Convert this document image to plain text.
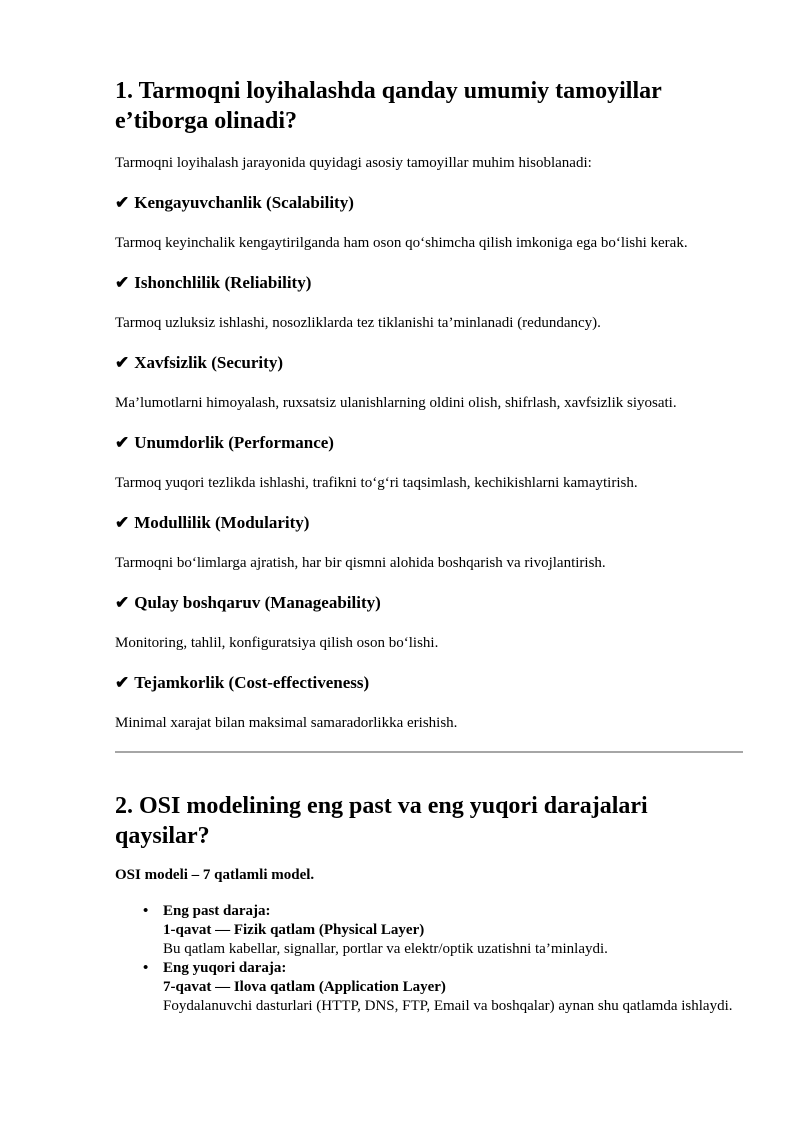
1. Tarmoqni loyihalashda qanday umumiy tamoyillar e’tiborga olinadi?

Tarmoqni loyihalash jarayonida quyidagi asosiy tamoyillar muhim hisoblanadi:

✔ Kengayuvchanlik (Scalability)

Tarmoq keyinchalik kengaytirilganda ham oson qo‘shimcha qilish imkoniga ega bo‘lishi kerak.

✔ Ishonchlilik (Reliability)

Tarmoq uzluksiz ishlashi, nosozliklarda tez tiklanishi ta’minlanadi (redundancy).

✔ Xavfsizlik (Security)

Ma’lumotlarni himoyalash, ruxsatsiz ulanishlarning oldini olish, shifrlash, xavfsizlik siyosati.

✔ Unumdorlik (Performance)

Tarmoq yuqori tezlikda ishlashi, trafikni to‘g‘ri taqsimlash, kechikishlarni kamaytirish.

✔ Modullilik (Modularity)

Tarmoqni bo‘limlarga ajratish, har bir qismni alohida boshqarish va rivojlantirish.

✔ Qulay boshqaruv (Manageability)

Monitoring, tahlil, konfiguratsiya qilish oson bo‘lishi.

✔ Tejamkorlik (Cost-effectiveness)

Minimal xarajat bilan maksimal samaradorlikka erishish.

2. OSI modelining eng past va eng yuqori darajalari qaysilar?

OSI modeli – 7 qatlamli model.

• Eng past daraja:
1-qavat — Fizik qatlam (Physical Layer)
Bu qatlam kabellar, signallar, portlar va elektr/optik uzatishni ta’minlaydi.
• Eng yuqori daraja:
7-qavat — Ilova qatlam (Application Layer)
Foydalanuvchi dasturlari (HTTP, DNS, FTP, Email va boshqalar) aynan shu qatlamda ishlaydi.
